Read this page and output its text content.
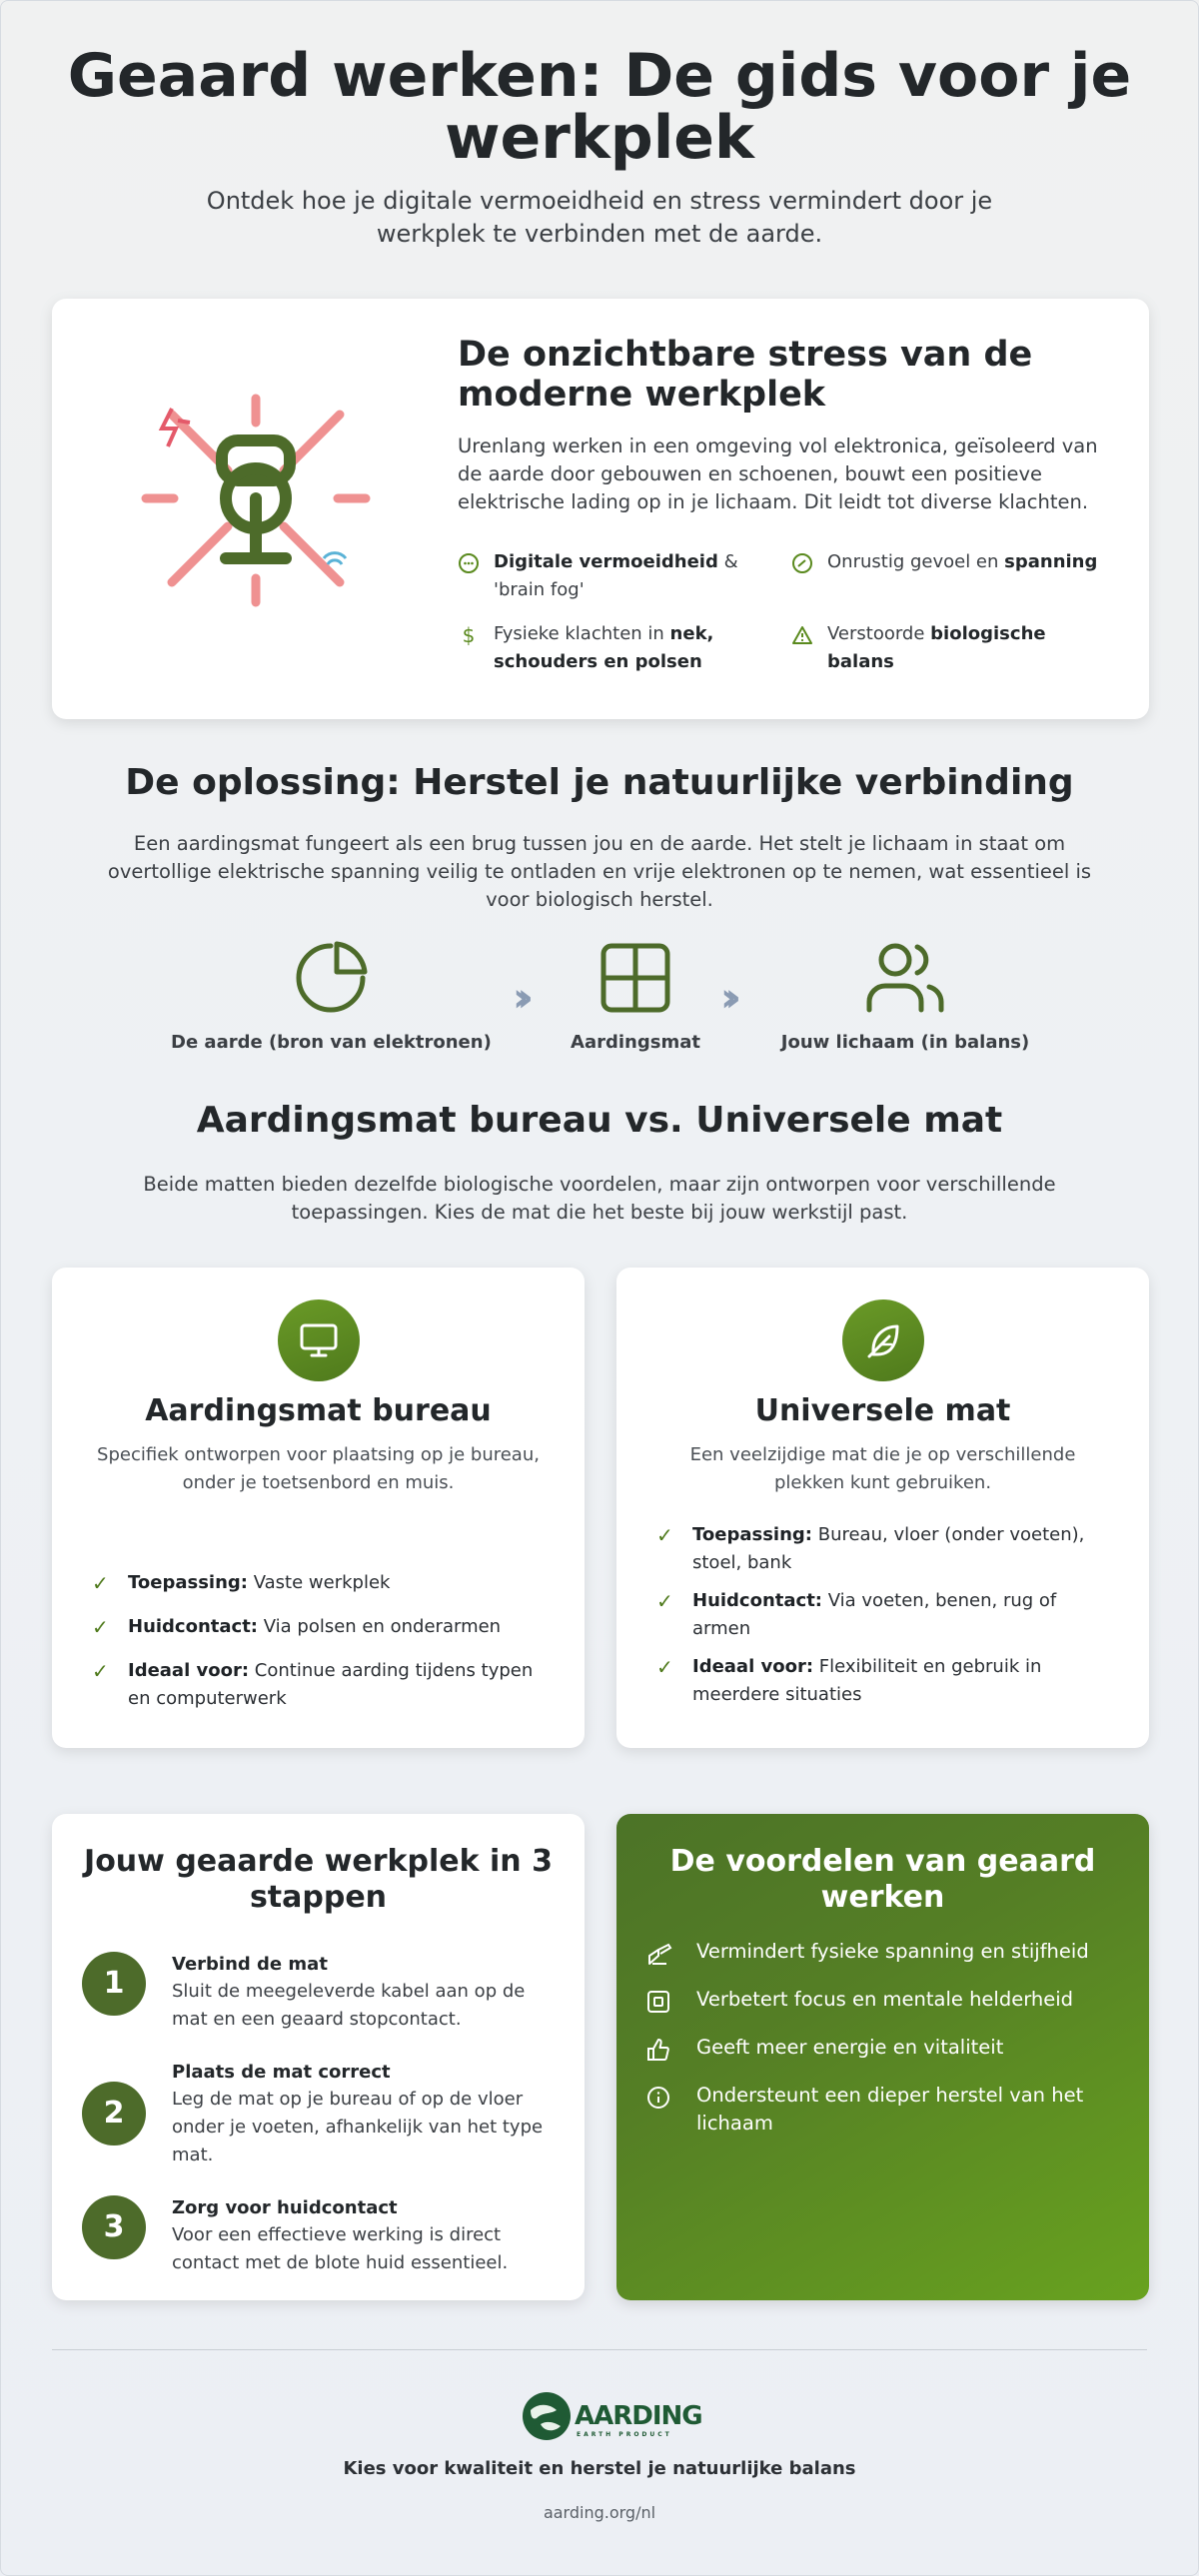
Geaard werken: De gids voor je werkplek

Ontdek hoe je digitale vermoeidheid en stress vermindert door je werkplek te verbinden met de aarde.

De onzichtbare stress van de moderne werkplek

Urenlang werken in een omgeving vol elektronica, geïsoleerd van de aarde door gebouwen en schoenen, bouwt een positieve elektrische lading op in je lichaam. Dit leidt tot diverse klachten.

Digitale vermoeidheid & 'brain fog'
Onrustig gevoel en spanning
$ Fysieke klachten in nek, schouders en polsen
Verstoorde biologische balans
De oplossing: Herstel je natuurlijke verbinding

Een aardingsmat fungeert als een brug tussen jou en de aarde. Het stelt je lichaam in staat om overtollige elektrische spanning veilig te ontladen en vrije elektronen op te nemen, wat essentieel is voor biologisch herstel.

De aarde (bron van elektronen)
››
Aardingsmat
››
Jouw lichaam (in balans)
Aardingsmat bureau vs. Universele mat

Beide matten bieden dezelfde biologische voordelen, maar zijn ontworpen voor verschillende toepassingen. Kies de mat die het beste bij jouw werkstijl past.

Aardingsmat bureau

Specifiek ontworpen voor plaatsing op je bureau, onder je toetsenbord en muis.

✓ Toepassing: Vaste werkplek
✓ Huidcontact: Via polsen en onderarmen
✓ Ideaal voor: Continue aarding tijdens typen en computerwerk
Universele mat

Een veelzijdige mat die je op verschillende plekken kunt gebruiken.

✓ Toepassing: Bureau, vloer (onder voeten), stoel, bank
✓ Huidcontact: Via voeten, benen, rug of armen
✓ Ideaal voor: Flexibiliteit en gebruik in meerdere situaties
Jouw geaarde werkplek in 3 stappen
1
Verbind de mat
Sluit de meegeleverde kabel aan op de mat en een geaard stopcontact.
2
Plaats de mat correct
Leg de mat op je bureau of op de vloer onder je voeten, afhankelijk van het type mat.
3
Zorg voor huidcontact
Voor een effectieve werking is direct contact met de blote huid essentieel.
De voordelen van geaard werken
Vermindert fysieke spanning en stijfheid
Verbetert focus en mentale helderheid
Geeft meer energie en vitaliteit
Ondersteunt een dieper herstel van het lichaam
AARDING
EARTH PRODUCT

Kies voor kwaliteit en herstel je natuurlijke balans

aarding.org/nl
